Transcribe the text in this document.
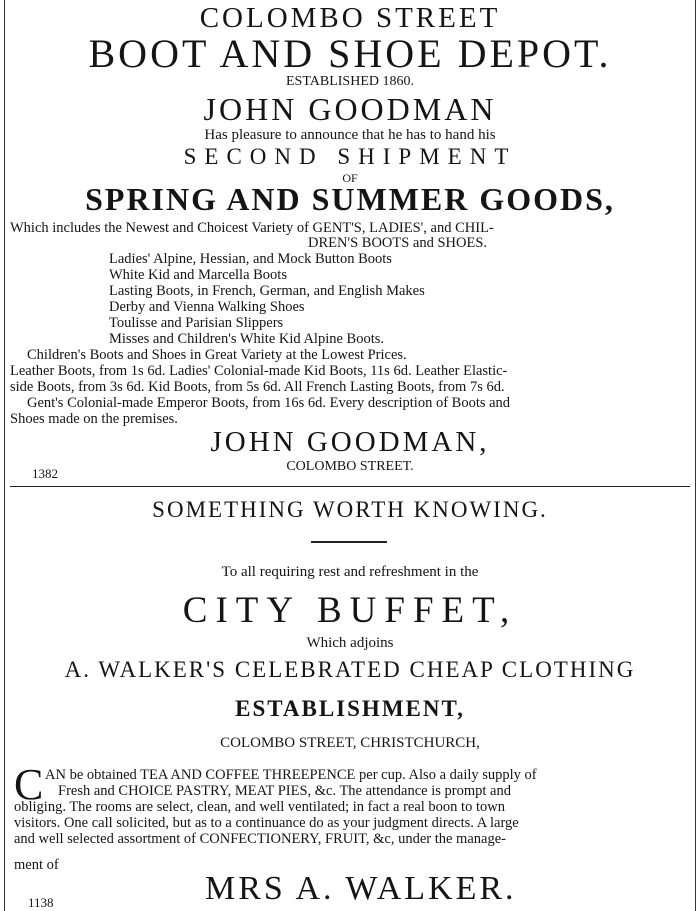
COLOMBO STREET
BOOT AND SHOE DEPOT.
ESTABLISHED 1860.
JOHN GOODMAN
Has pleasure to announce that he has to hand his
SECOND SHIPMENT
OF
SPRING AND SUMMER GOODS,
Which includes the Newest and Choicest Variety of GENT'S, LADIES', and CHIL-
DREN'S BOOTS and SHOES.
Ladies' Alpine, Hessian, and Mock Button Boots
White Kid and Marcella Boots
Lasting Boots, in French, German, and English Makes
Derby and Vienna Walking Shoes
Toulisse and Parisian Slippers
Misses and Children's White Kid Alpine Boots.
Children's Boots and Shoes in Great Variety at the Lowest Prices.
Leather Boots, from 1s 6d. Ladies' Colonial-made Kid Boots, 11s 6d. Leather Elastic-
side Boots, from 3s 6d. Kid Boots, from 5s 6d. All French Lasting Boots, from 7s 6d.
Gent's Colonial-made Emperor Boots, from 16s 6d. Every description of Boots and
Shoes made on the premises.
JOHN GOODMAN,
COLOMBO STREET.
1382
SOMETHING WORTH KNOWING.
To all requiring rest and refreshment in the
CITY BUFFET,
Which adjoins
A. WALKER'S CELEBRATED CHEAP CLOTHING
ESTABLISHMENT,
COLOMBO STREET, CHRISTCHURCH,
C AN be obtained TEA AND COFFEE THREEPENCE per cup. Also a daily supply of
Fresh and CHOICE PASTRY, MEAT PIES, &c. The attendance is prompt and
obliging. The rooms are select, clean, and well ventilated; in fact a real boon to town
visitors. One call solicited, but as to a continuance do as your judgment directs. A large
and well selected assortment of CONFECTIONERY, FRUIT, &c, under the manage-
ment of
MRS A. WALKER.
1138
